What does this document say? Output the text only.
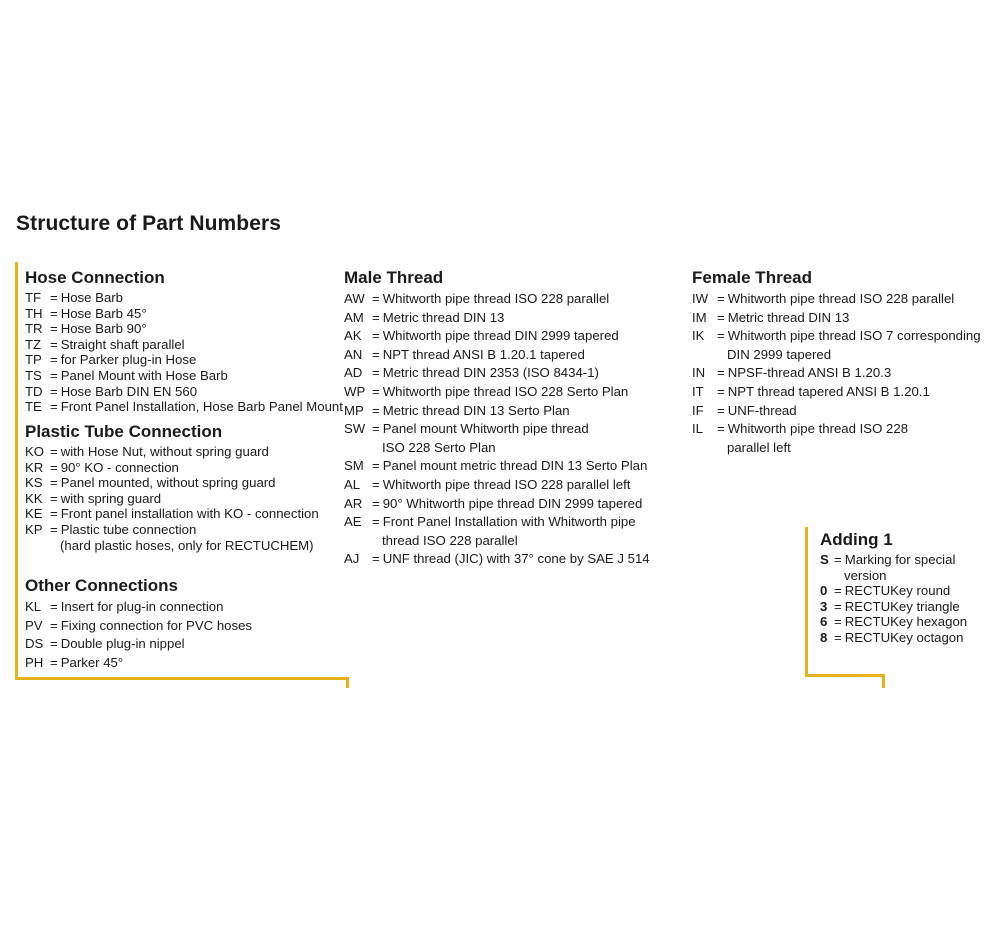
Structure of Part Numbers
Hose Connection
TF = Hose Barb
TH = Hose Barb 45°
TR = Hose Barb 90°
TZ = Straight shaft parallel
TP = for Parker plug-in Hose
TS = Panel Mount with Hose Barb
TD = Hose Barb DIN EN 560
TE = Front Panel Installation, Hose Barb Panel Mount
Plastic Tube Connection
KO = with Hose Nut, without spring guard
KR = 90° KO - connection
KS = Panel mounted, without spring guard
KK = with spring guard
KE = Front panel installation with KO - connection
KP = Plastic tube connection
(hard plastic hoses, only for RECTUCHEM)
Other Connections
KL = Insert for plug-in connection
PV = Fixing connection for PVC hoses
DS = Double plug-in nippel
PH = Parker 45°
Male Thread
AW = Whitworth pipe thread ISO 228 parallel
AM = Metric thread DIN 13
AK = Whitworth pipe thread DIN 2999 tapered
AN = NPT thread ANSI B 1.20.1 tapered
AD = Metric thread DIN 2353 (ISO 8434-1)
WP = Whitworth pipe thread ISO 228 Serto Plan
MP = Metric thread DIN 13 Serto Plan
SW = Panel mount Whitworth pipe thread
ISO 228 Serto Plan
SM = Panel mount metric thread DIN 13 Serto Plan
AL = Whitworth pipe thread ISO 228 parallel left
AR = 90° Whitworth pipe thread DIN 2999 tapered
AE = Front Panel Installation with Whitworth pipe
thread ISO 228 parallel
AJ = UNF thread (JIC) with 37° cone by SAE J 514
Female Thread
IW = Whitworth pipe thread ISO 228 parallel
IM = Metric thread DIN 13
IK = Whitworth pipe thread ISO 7 corresponding
DIN 2999 tapered
IN = NPSF-thread ANSI B 1.20.3
IT	= NPT thread tapered ANSI B 1.20.1
IF	= UNF-thread
IL	= Whitworth pipe thread ISO 228
parallel left
Adding 1
S = Marking for special
version
0 = RECTUKey round
3 = RECTUKey triangle
6 = RECTUKey hexagon
8 = RECTUKey octagon
